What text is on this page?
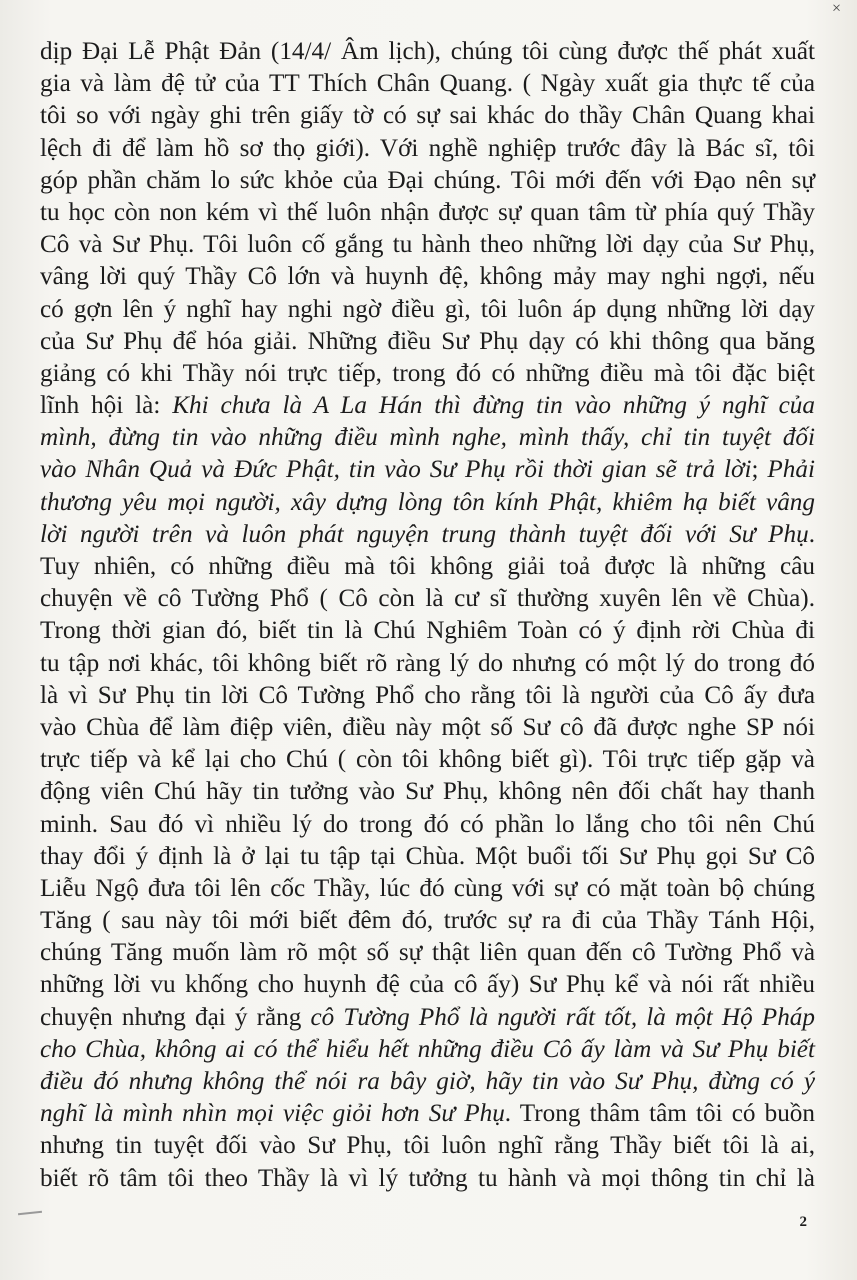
×
dịp Đại Lễ Phật Đản (14/4/ Âm lịch), chúng tôi cùng được thế phát xuất
gia và làm đệ tử của TT Thích Chân Quang. ( Ngày xuất gia thực tế của
tôi so với ngày ghi trên giấy tờ có sự sai khác do thầy Chân Quang khai
lệch đi để làm hồ sơ thọ giới). Với nghề nghiệp trước đây là Bác sĩ, tôi
góp phần chăm lo sức khỏe của Đại chúng. Tôi mới đến với Đạo nên sự
tu học còn non kém vì thế luôn nhận được sự quan tâm từ phía quý Thầy
Cô và Sư Phụ. Tôi luôn cố gắng tu hành theo những lời dạy của Sư Phụ,
vâng lời quý Thầy Cô lớn và huynh đệ, không mảy may nghi ngợi, nếu
có gợn lên ý nghĩ hay nghi ngờ điều gì, tôi luôn áp dụng những lời dạy
của Sư Phụ để hóa giải. Những điều Sư Phụ dạy có khi thông qua băng
giảng có khi Thầy nói trực tiếp, trong đó có những điều mà tôi đặc biệt
lĩnh hội là: Khi chưa là A La Hán thì đừng tin vào những ý nghĩ của
mình, đừng tin vào những điều mình nghe, mình thấy, chỉ tin tuyệt đối
vào Nhân Quả và Đức Phật, tin vào Sư Phụ rồi thời gian sẽ trả lời; Phải
thương yêu mọi người, xây dựng lòng tôn kính Phật, khiêm hạ biết vâng
lời người trên và luôn phát nguyện trung thành tuyệt đối với Sư Phụ.
Tuy nhiên, có những điều mà tôi không giải toả được là những câu
chuyện về cô Tường Phổ ( Cô còn là cư sĩ thường xuyên lên về Chùa).
Trong thời gian đó, biết tin là Chú Nghiêm Toàn có ý định rời Chùa đi
tu tập nơi khác, tôi không biết rõ ràng lý do nhưng có một lý do trong đó
là vì Sư Phụ tin lời Cô Tường Phổ cho rằng tôi là người của Cô ấy đưa
vào Chùa để làm điệp viên, điều này một số Sư cô đã được nghe SP nói
trực tiếp và kể lại cho Chú ( còn tôi không biết gì). Tôi trực tiếp gặp và
động viên Chú hãy tin tưởng vào Sư Phụ, không nên đối chất hay thanh
minh. Sau đó vì nhiều lý do trong đó có phần lo lắng cho tôi nên Chú
thay đổi ý định là ở lại tu tập tại Chùa. Một buổi tối Sư Phụ gọi Sư Cô
Liễu Ngộ đưa tôi lên cốc Thầy, lúc đó cùng với sự có mặt toàn bộ chúng
Tăng ( sau này tôi mới biết đêm đó, trước sự ra đi của Thầy Tánh Hội,
chúng Tăng muốn làm rõ một số sự thật liên quan đến cô Tường Phổ và
những lời vu khống cho huynh đệ của cô ấy) Sư Phụ kể và nói rất nhiều
chuyện nhưng đại ý rằng cô Tường Phổ là người rất tốt, là một Hộ Pháp
cho Chùa, không ai có thể hiểu hết những điều Cô ấy làm và Sư Phụ biết
điều đó nhưng không thể nói ra bây giờ, hãy tin vào Sư Phụ, đừng có ý
nghĩ là mình nhìn mọi việc giỏi hơn Sư Phụ. Trong thâm tâm tôi có buồn
nhưng tin tuyệt đối vào Sư Phụ, tôi luôn nghĩ rằng Thầy biết tôi là ai,
biết rõ tâm tôi theo Thầy là vì lý tưởng tu hành và mọi thông tin chỉ là
2
